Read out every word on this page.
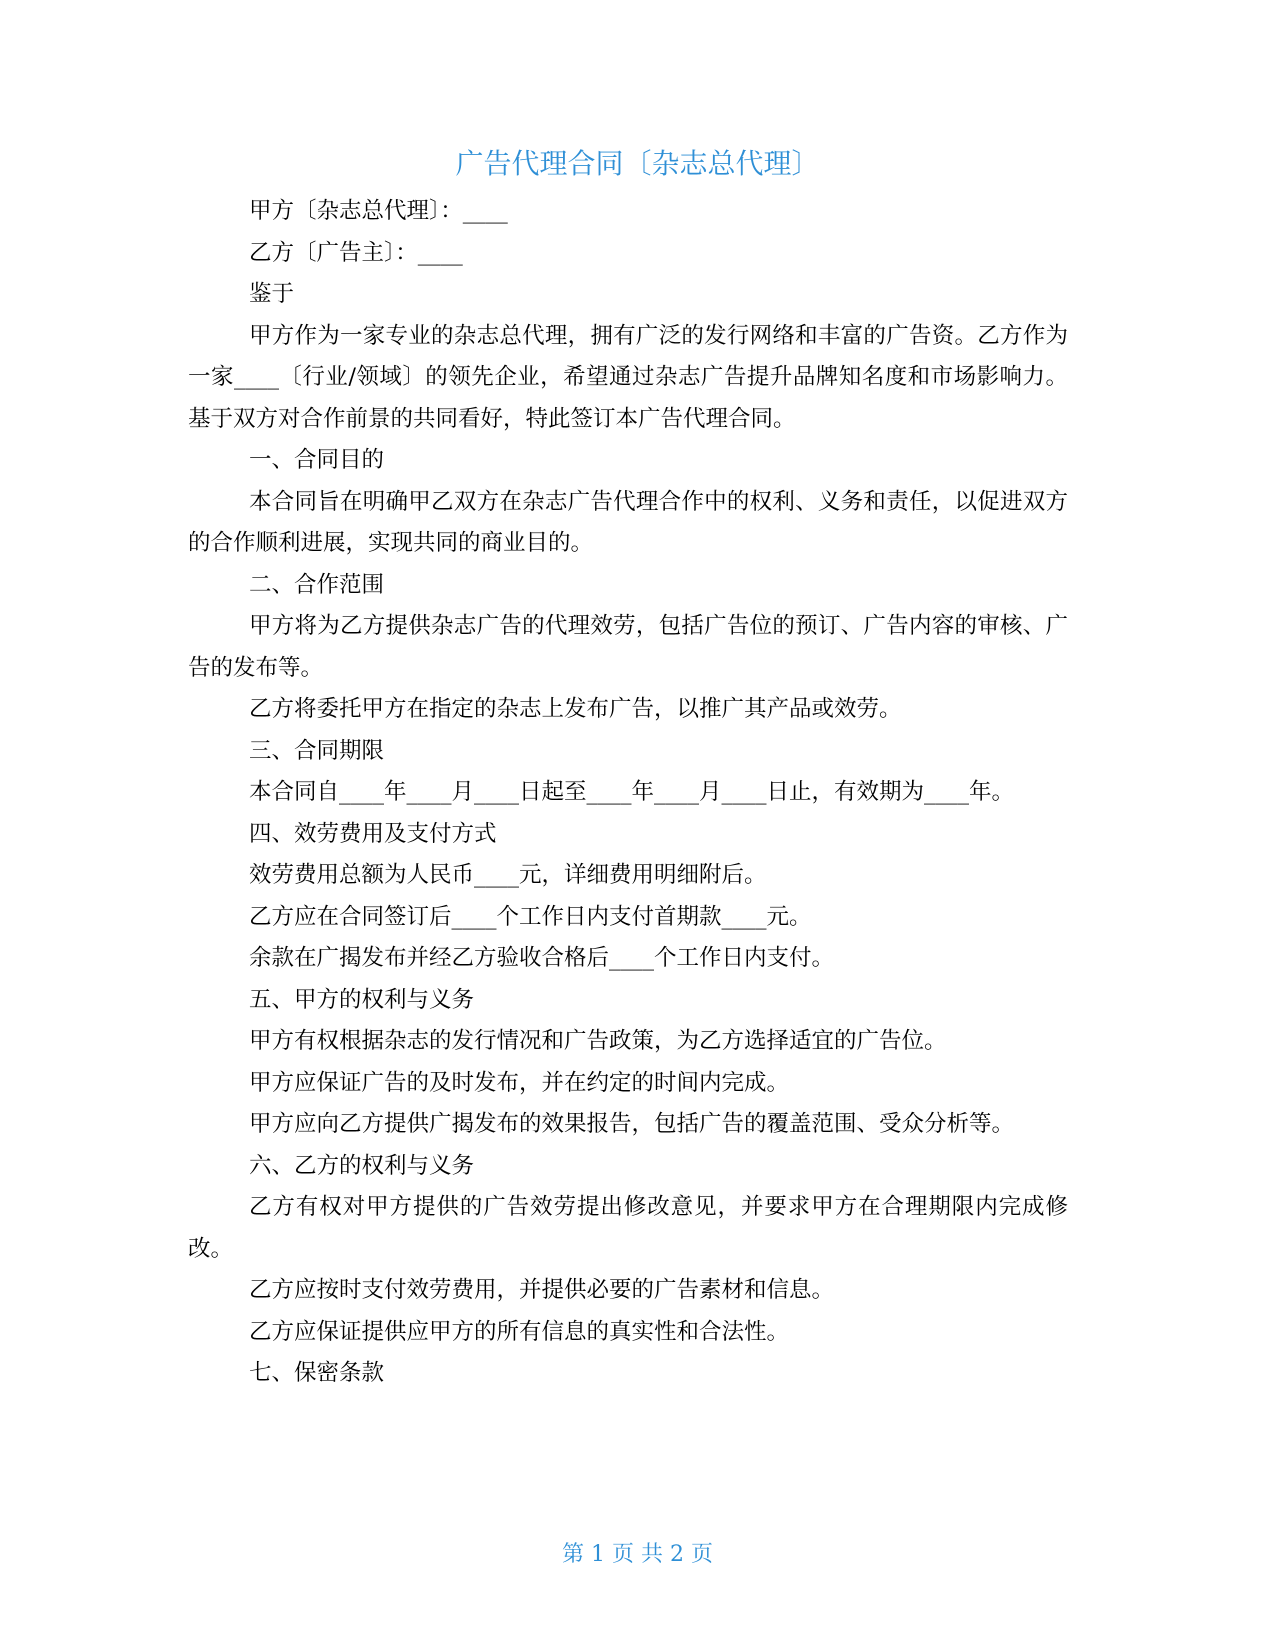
广告代理合同〔杂志总代理〕

甲方〔杂志总代理〕：____

乙方〔广告主〕：____

鉴于

甲方作为一家专业的杂志总代理，拥有广泛的发行网络和丰富的广告资。乙方作为一家____〔行业/领域〕的领先企业，希望通过杂志广告提升品牌知名度和市场影响力。基于双方对合作前景的共同看好，特此签订本广告代理合同。

一、合同目的

本合同旨在明确甲乙双方在杂志广告代理合作中的权利、义务和责任，以促进双方的合作顺利进展，实现共同的商业目的。

二、合作范围

甲方将为乙方提供杂志广告的代理效劳，包括广告位的预订、广告内容的审核、广告的发布等。

乙方将委托甲方在指定的杂志上发布广告，以推广其产品或效劳。

三、合同期限

本合同自____年____月____日起至____年____月____日止，有效期为____年。

四、效劳费用及支付方式

效劳费用总额为人民币____元，详细费用明细附后。

乙方应在合同签订后____个工作日内支付首期款____元。

余款在广揭发布并经乙方验收合格后____个工作日内支付。

五、甲方的权利与义务

甲方有权根据杂志的发行情况和广告政策，为乙方选择适宜的广告位。

甲方应保证广告的及时发布，并在约定的时间内完成。

甲方应向乙方提供广揭发布的效果报告，包括广告的覆盖范围、受众分析等。

六、乙方的权利与义务

乙方有权对甲方提供的广告效劳提出修改意见，并要求甲方在合理期限内完成修改。

乙方应按时支付效劳费用，并提供必要的广告素材和信息。

乙方应保证提供应甲方的所有信息的真实性和合法性。

七、保密条款

第 1 页 共 2 页
